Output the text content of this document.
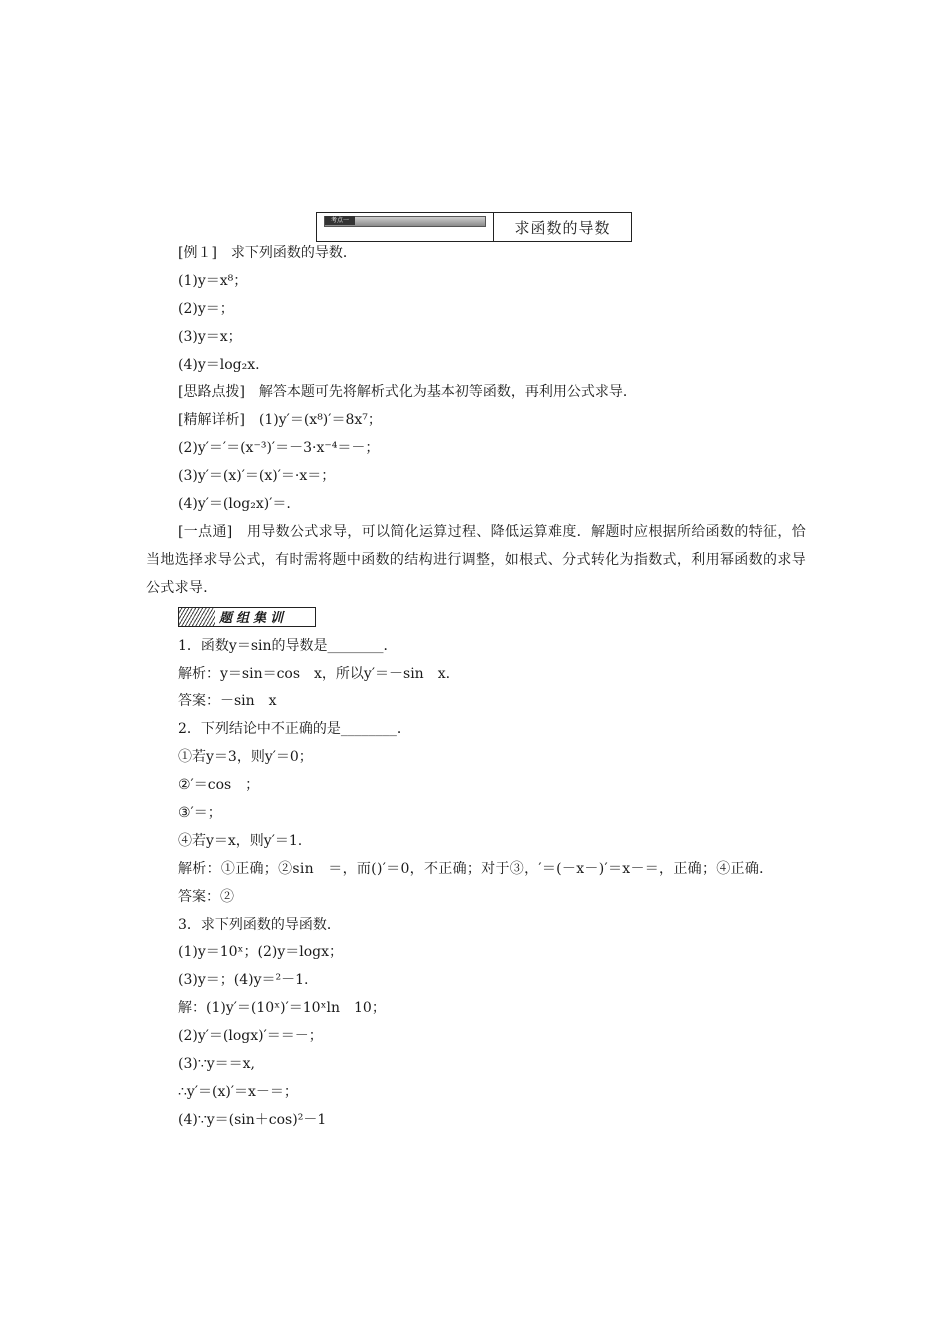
考点一	求函数的导数
[例１]　求下列函数的导数．
(1)y＝x⁸；
(2)y＝；
(3)y＝x；
(4)y＝log₂x.
[思路点拨]　解答本题可先将解析式化为基本初等函数，再利用公式求导．
[精解详析]　(1)y′＝(x⁸)′＝8x⁷；
(2)y′＝′＝(x⁻³)′＝－3·x⁻⁴＝－；
(3)y′＝(x)′＝(x)′＝·x＝；
(4)y′＝(log₂x)′＝.
[一点通]　用导数公式求导，可以简化运算过程、降低运算难度．解题时应根据所给函数的特征，恰当地选择求导公式，有时需将题中函数的结构进行调整，如根式、分式转化为指数式，利用幂函数的求导公式求导．
题组集训
1．函数y＝sin的导数是________．
解析：y＝sin＝cos　x，所以y′＝－sin　x.
答案：－sin　x
2．下列结论中不正确的是________．
①若y＝3，则y′＝0；
②′＝cos　；
③′＝；
④若y＝x，则y′＝1.
解析：①正确；②sin　＝，而()′＝0，不正确；对于③，′＝(－x－)′＝x－＝，正确；④正确．
答案：②
3．求下列函数的导函数．
(1)y＝10ˣ；(2)y＝logx；
(3)y＝；(4)y＝²－1.
解：(1)y′＝(10ˣ)′＝10ˣln　10；
(2)y′＝(logx)′＝＝－；
(3)∵y＝＝x,
∴y′＝(x)′＝x－＝；
(4)∵y＝(sin＋cos)²－1
